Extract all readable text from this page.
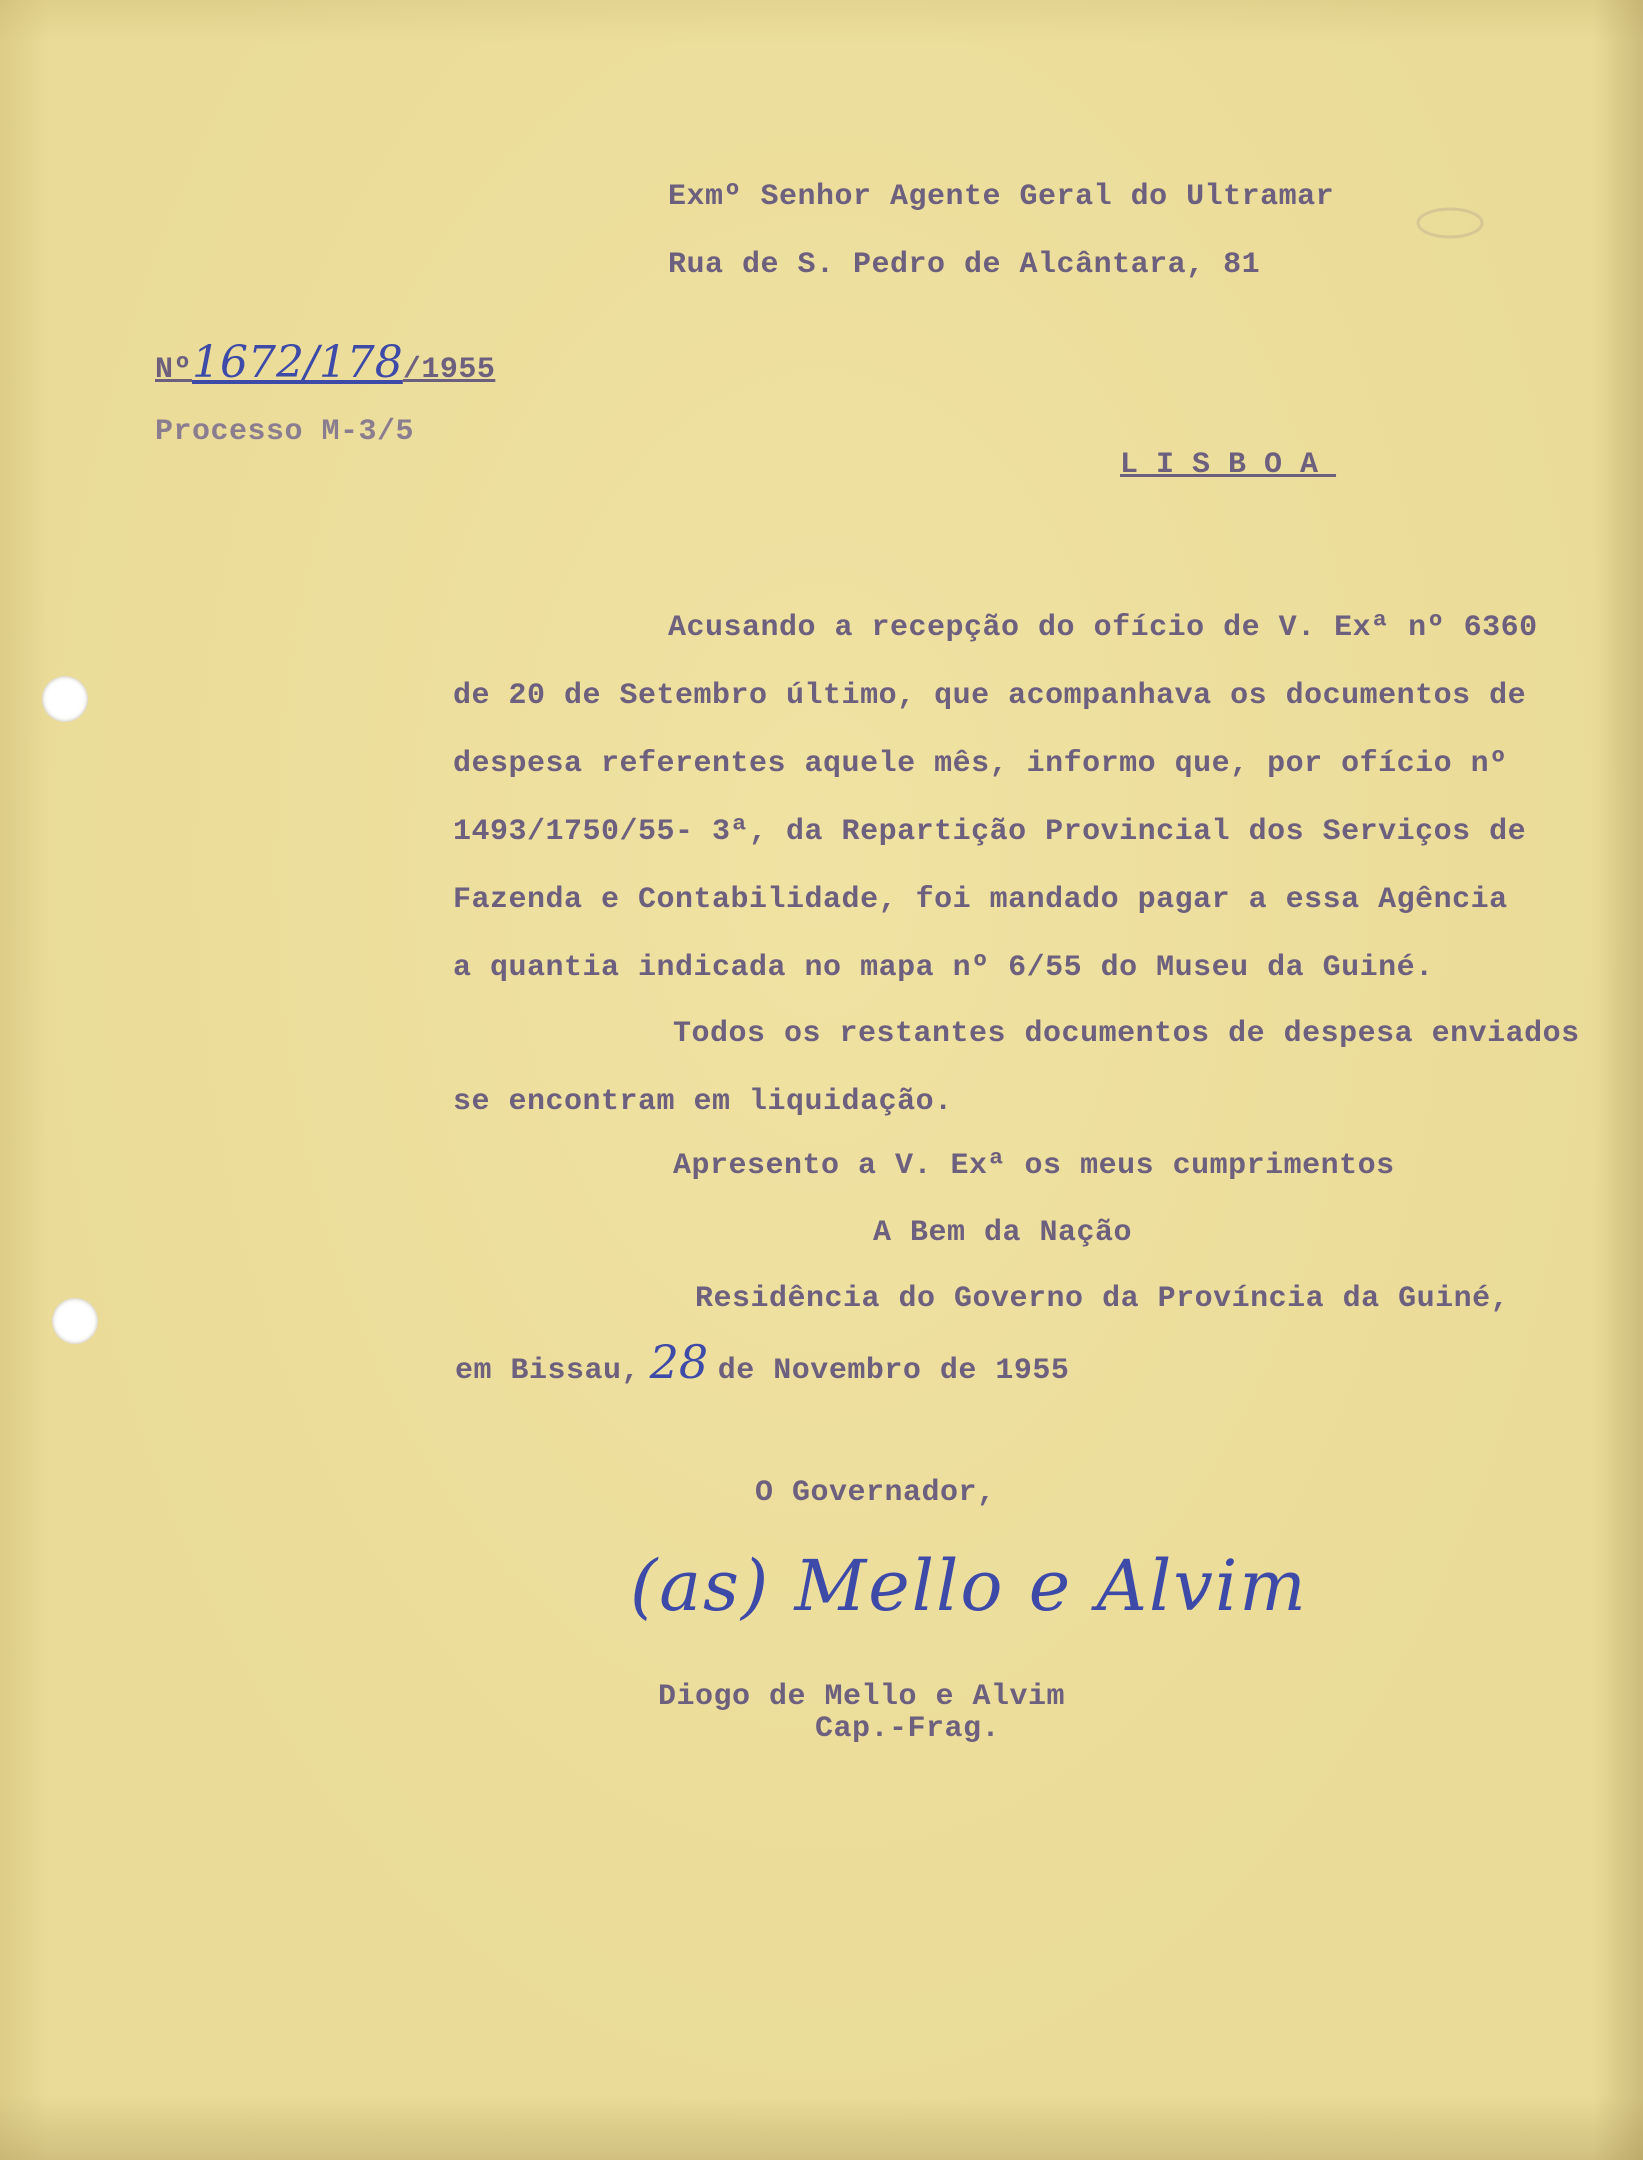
Exmº Senhor Agente Geral do Ultramar
Rua de S. Pedro de Alcântara, 81
Nº1672/178/1955
Processo M-3/5
LISBOA
Acusando a recepção do ofício de V. Exª nº 6360
de 20 de Setembro último, que acompanhava os documentos de
despesa referentes aquele mês, informo que, por ofício nº
1493/1750/55- 3ª, da Repartição Provincial dos Serviços de
Fazenda e Contabilidade, foi mandado pagar a essa Agência
a quantia indicada no mapa nº 6/55 do Museu da Guiné.
Todos os restantes documentos de despesa enviados
se encontram em liquidação.
Apresento a V. Exª os meus cumprimentos
A Bem da Nação
Residência do Governo da Província da Guiné,
em Bissau, 28 de Novembro de 1955
O Governador,
(as) Mello e Alvim
Diogo de Mello e Alvim
Cap.-Frag.
